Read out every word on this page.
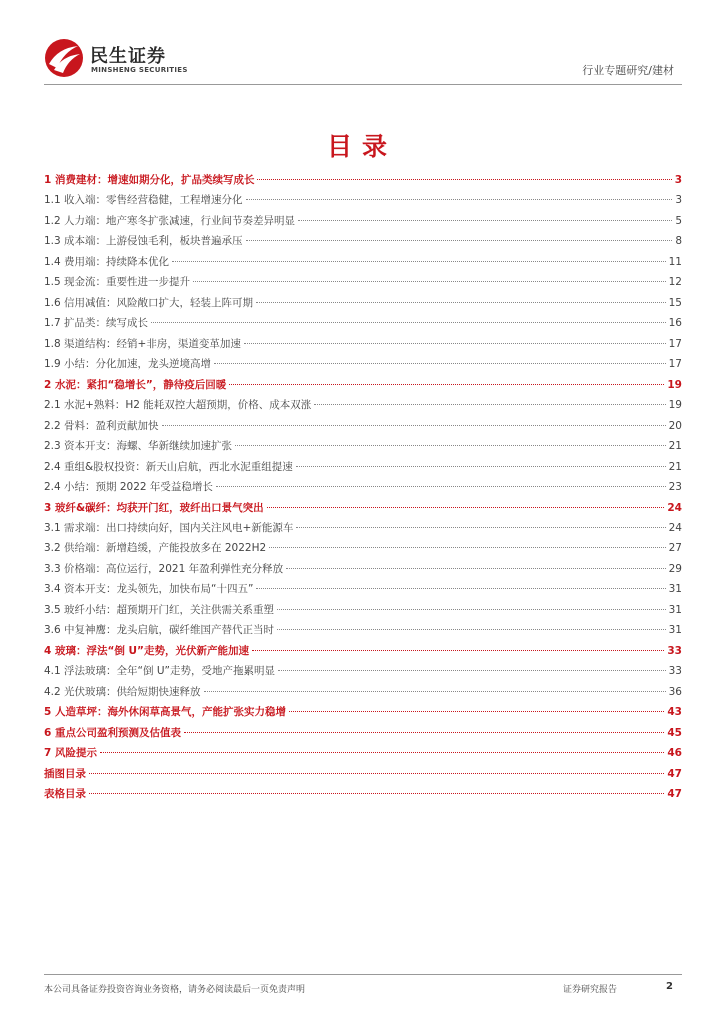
民生证券
MINSHENG SECURITIES	行业专题研究/建材
目录
1 消费建材：增速如期分化，扩品类续写成长	3
1.1 收入端：零售经营稳健，工程增速分化	3
1.2 人力端：地产寒冬扩张减速，行业间节奏差异明显	5
1.3 成本端：上游侵蚀毛利，板块普遍承压	8
1.4 费用端：持续降本优化	11
1.5 现金流：重要性进一步提升	12
1.6 信用减值：风险敞口扩大，轻装上阵可期	15
1.7 扩品类：续写成长	16
1.8 渠道结构：经销+非房，渠道变革加速	17
1.9 小结：分化加速，龙头逆境高增	17
2 水泥：紧扣“稳增长”，静待疫后回暖	19
2.1 水泥+熟料：H2 能耗双控大超预期，价格、成本双涨	19
2.2 骨料：盈利贡献加快	20
2.3 资本开支：海螺、华新继续加速扩张	21
2.4 重组&股权投资：新天山启航，西北水泥重组提速	21
2.4 小结：预期 2022 年受益稳增长	23
3 玻纤&碳纤：均获开门红，玻纤出口景气突出	24
3.1 需求端：出口持续向好，国内关注风电+新能源车	24
3.2 供给端：新增趋缓，产能投放多在 2022H2	27
3.3 价格端：高位运行，2021 年盈利弹性充分释放	29
3.4 资本开支：龙头领先，加快布局“十四五”	31
3.5 玻纤小结：超预期开门红，关注供需关系重塑	31
3.6 中复神鹰：龙头启航，碳纤维国产替代正当时	31
4 玻璃：浮法“倒 U”走势，光伏新产能加速	33
4.1 浮法玻璃：全年“倒 U”走势，受地产拖累明显	33
4.2 光伏玻璃：供给短期快速释放	36
5 人造草坪：海外休闲草高景气，产能扩张实力稳增	43
6 重点公司盈利预测及估值表	45
7 风险提示	46
插图目录	47
表格目录	47
本公司具备证券投资咨询业务资格，请务必阅读最后一页免责声明	证券研究报告	2
